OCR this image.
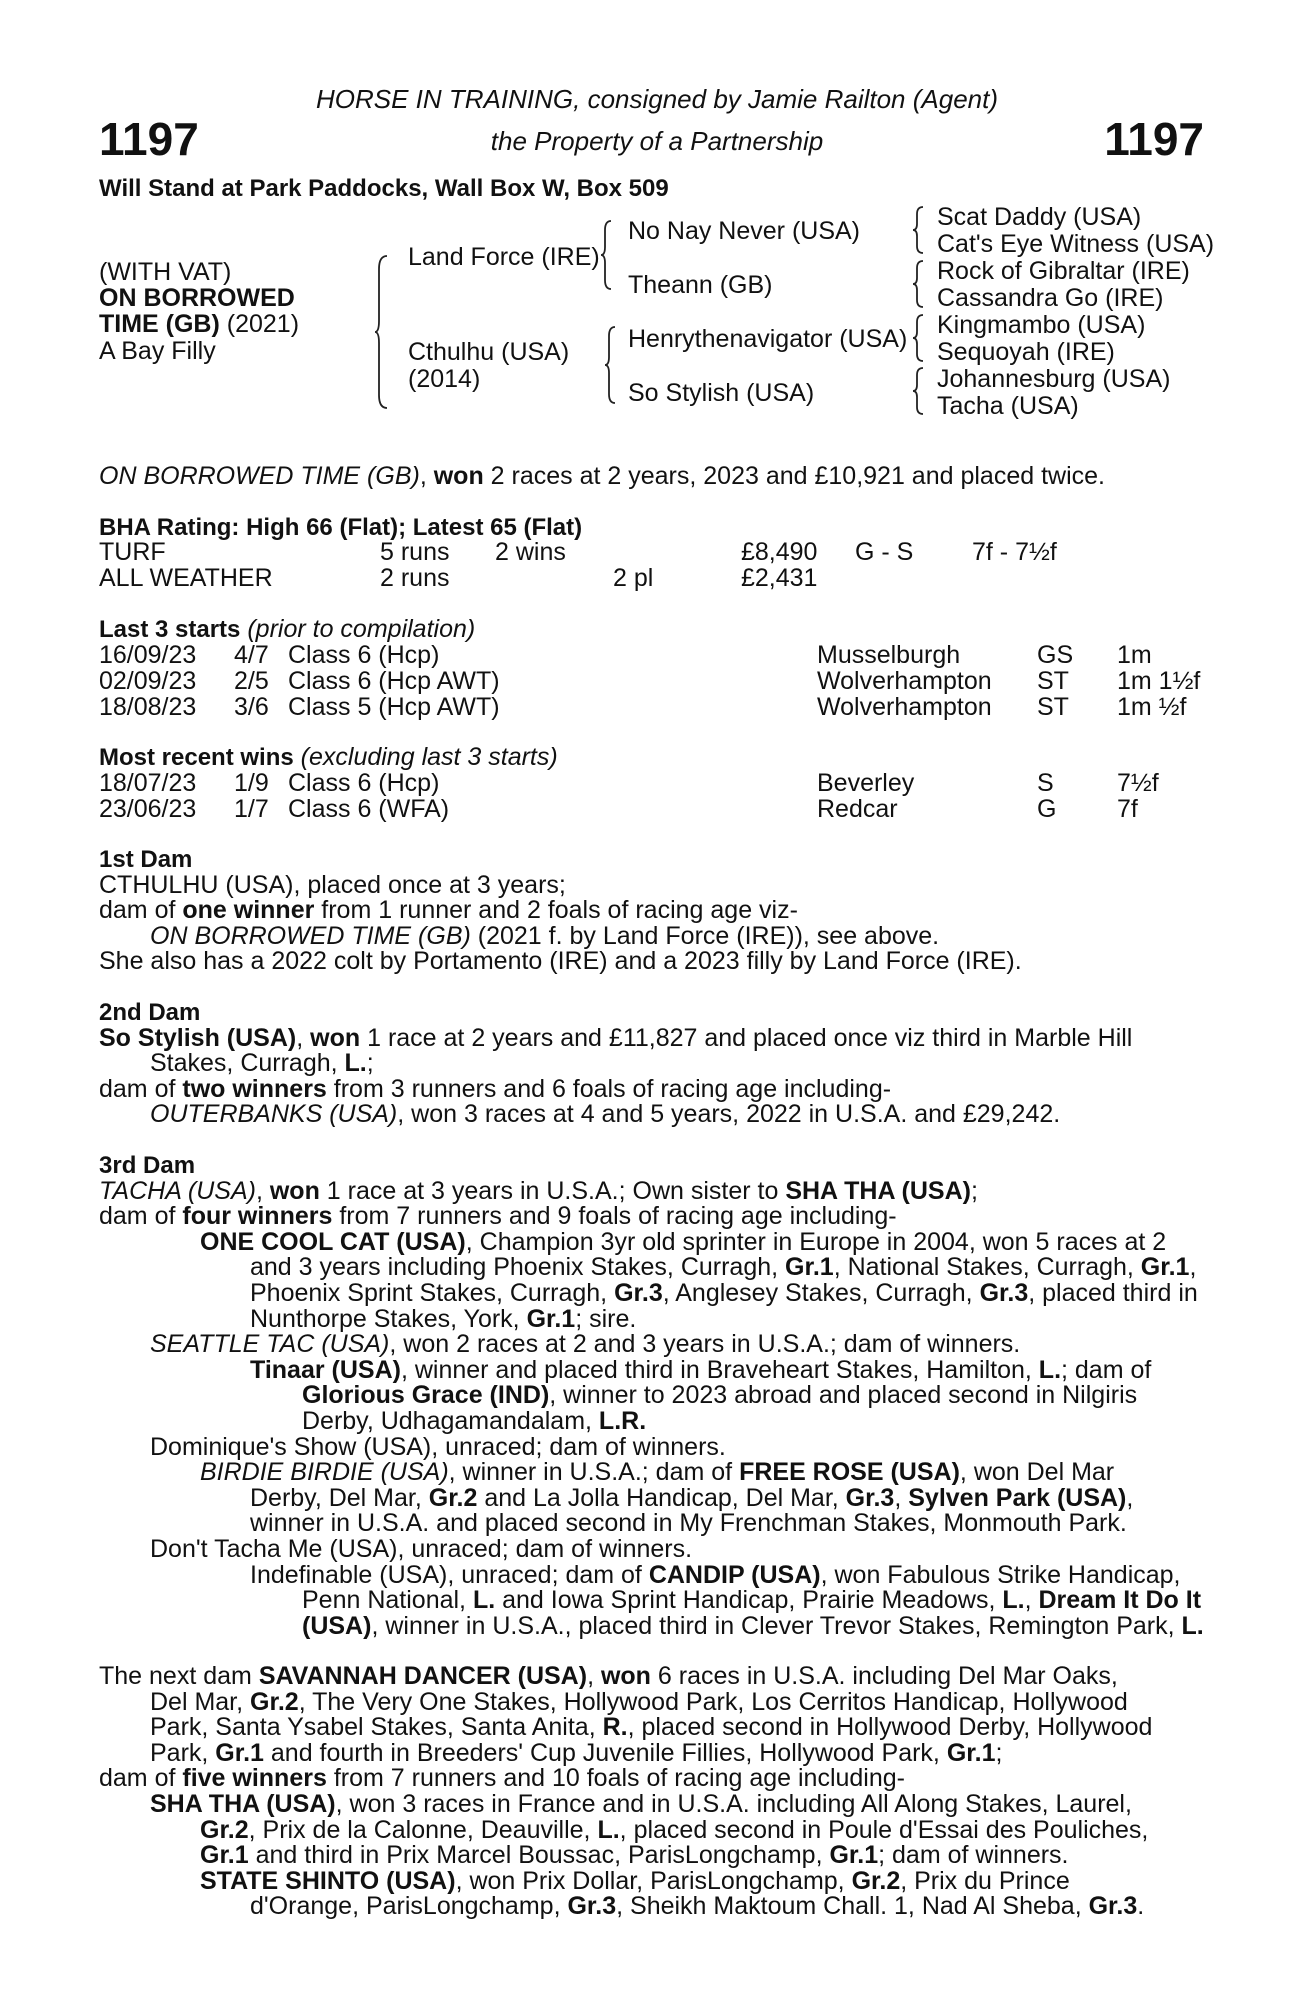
HORSE IN TRAINING, consigned by Jamie Railton (Agent)
the Property of a Partnership
1197	1197
Will Stand at Park Paddocks, Wall Box W, Box 509
(WITH VAT)
ON BORROWED
TIME (GB) (2021)
A Bay Filly
Land Force (IRE)
Cthulhu (USA)
(2014)
No Nay Never (USA)
Theann (GB)
Henrythenavigator (USA)
So Stylish (USA)
Scat Daddy (USA)
Cat's Eye Witness (USA)
Rock of Gibraltar (IRE)
Cassandra Go (IRE)
Kingmambo (USA)
Sequoyah (IRE)
Johannesburg (USA)
Tacha (USA)
ON BORROWED TIME (GB), won 2 races at 2 years, 2023 and £10,921 and placed twice.
BHA Rating: High 66 (Flat); Latest 65 (Flat)
TURF	5 runs 2 wins	£8,490 G - S 7f - 7½f
ALL WEATHER	2 runs	2 pl	£2,431
Last 3 starts (prior to compilation)
16/09/23 4/7 Class 6 (Hcp)	Musselburgh	GS 1m
02/09/23 2/5 Class 6 (Hcp AWT)	Wolverhampton ST 1m 1½f
18/08/23 3/6 Class 5 (Hcp AWT)	Wolverhampton ST 1m ½f
Most recent wins (excluding last 3 starts)
18/07/23 1/9 Class 6 (Hcp)	Beverley	S	7½f
23/06/23 1/7 Class 6 (WFA)	Redcar	G 7f

1st Dam

CTHULHU (USA), placed once at 3 years;

dam of one winner from 1 runner and 2 foals of racing age viz-

ON BORROWED TIME (GB) (2021 f. by Land Force (IRE)), see above.

She also has a 2022 colt by Portamento (IRE) and a 2023 filly by Land Force (IRE).

2nd Dam

So Stylish (USA), won 1 race at 2 years and £11,827 and placed once viz third in Marble Hill

Stakes, Curragh, L.;

dam of two winners from 3 runners and 6 foals of racing age including-

OUTERBANKS (USA), won 3 races at 4 and 5 years, 2022 in U.S.A. and £29,242.

3rd Dam

TACHA (USA), won 1 race at 3 years in U.S.A.; Own sister to SHA THA (USA);

dam of four winners from 7 runners and 9 foals of racing age including-

ONE COOL CAT (USA), Champion 3yr old sprinter in Europe in 2004, won 5 races at 2

and 3 years including Phoenix Stakes, Curragh, Gr.1, National Stakes, Curragh, Gr.1,

Phoenix Sprint Stakes, Curragh, Gr.3, Anglesey Stakes, Curragh, Gr.3, placed third in

Nunthorpe Stakes, York, Gr.1; sire.

SEATTLE TAC (USA), won 2 races at 2 and 3 years in U.S.A.; dam of winners.

Tinaar (USA), winner and placed third in Braveheart Stakes, Hamilton, L.; dam of

Glorious Grace (IND), winner to 2023 abroad and placed second in Nilgiris

Derby, Udhagamandalam, L.R.

Dominique's Show (USA), unraced; dam of winners.

BIRDIE BIRDIE (USA), winner in U.S.A.; dam of FREE ROSE (USA), won Del Mar

Derby, Del Mar, Gr.2 and La Jolla Handicap, Del Mar, Gr.3, Sylven Park (USA),

winner in U.S.A. and placed second in My Frenchman Stakes, Monmouth Park.

Don't Tacha Me (USA), unraced; dam of winners.

Indefinable (USA), unraced; dam of CANDIP (USA), won Fabulous Strike Handicap,

Penn National, L. and Iowa Sprint Handicap, Prairie Meadows, L., Dream It Do It

(USA), winner in U.S.A., placed third in Clever Trevor Stakes, Remington Park, L.

The next dam SAVANNAH DANCER (USA), won 6 races in U.S.A. including Del Mar Oaks,

Del Mar, Gr.2, The Very One Stakes, Hollywood Park, Los Cerritos Handicap, Hollywood

Park, Santa Ysabel Stakes, Santa Anita, R., placed second in Hollywood Derby, Hollywood

Park, Gr.1 and fourth in Breeders' Cup Juvenile Fillies, Hollywood Park, Gr.1;

dam of five winners from 7 runners and 10 foals of racing age including-

SHA THA (USA), won 3 races in France and in U.S.A. including All Along Stakes, Laurel,

Gr.2, Prix de la Calonne, Deauville, L., placed second in Poule d'Essai des Pouliches,

Gr.1 and third in Prix Marcel Boussac, ParisLongchamp, Gr.1; dam of winners.

STATE SHINTO (USA), won Prix Dollar, ParisLongchamp, Gr.2, Prix du Prince

d'Orange, ParisLongchamp, Gr.3, Sheikh Maktoum Chall. 1, Nad Al Sheba, Gr.3.
